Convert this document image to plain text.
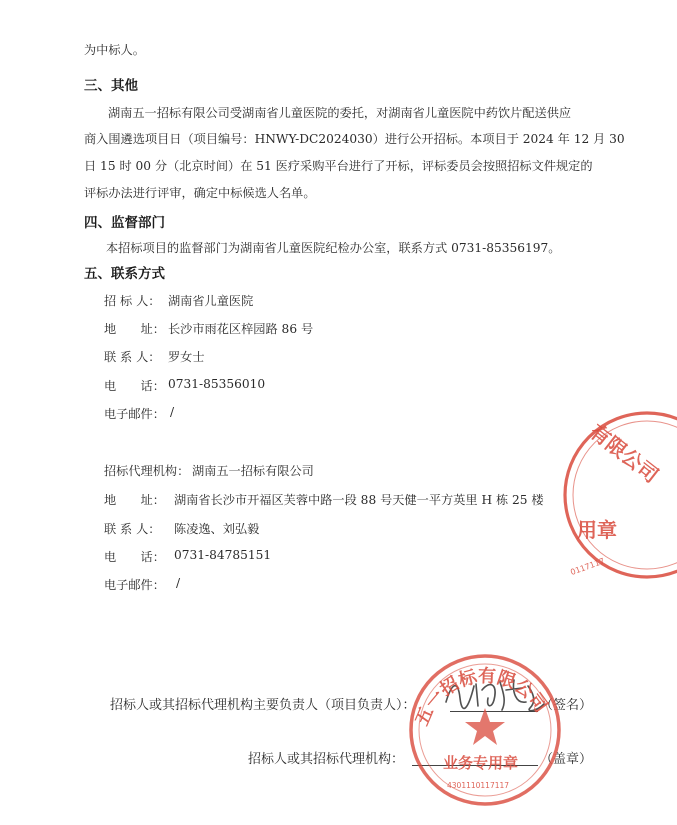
为中标人。
三、其他
湖南五一招标有限公司受湖南省儿童医院的委托，对湖南省儿童医院中药饮片配送供应
商入围遴选项目日（项目编号：HNWY-DC2024030）进行公开招标。本项目于 2024 年 12 月 30
日 15 时 00 分（北京时间）在 51 医疗采购平台进行了开标，评标委员会按照招标文件规定的
评标办法进行评审，确定中标候选人名单。
四、监督部门
本招标项目的监督部门为湖南省儿童医院纪检办公室，联系方式 0731-85356197。
五、联系方式
招 标 人： 湖南省儿童医院
地　　址： 长沙市雨花区梓园路 86 号
联 系 人： 罗女士
电　　话： 0731-85356010
电子邮件： /
招标代理机构： 湖南五一招标有限公司
地　　址： 湖南省长沙市开福区芙蓉中路一段 88 号天健一平方英里 H 栋 25 楼
联 系 人： 陈凌逸、刘弘毅
电　　话： 0731-84785151
电子邮件： /
招标人或其招标代理机构主要负责人（项目负责人）：	（签名）
招标人或其招标代理机构：	（盖章）
有限公司
用章
0117117
五一招标有限公司
业务专用章
4301110117117
